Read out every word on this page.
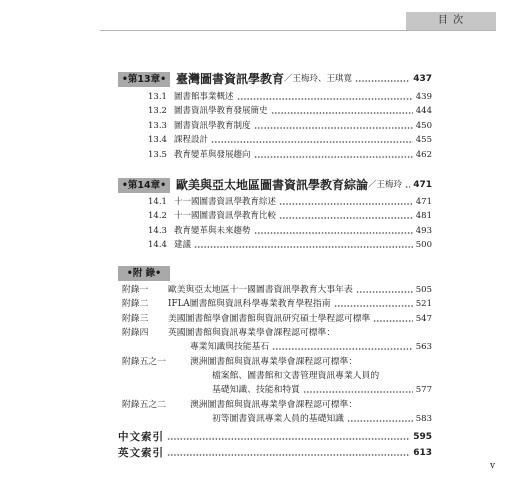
目 次
•第13章• 臺灣圖書資訊學教育 ／王梅玲、王琪寬	437
13.1 圖書館事業概述	439
13.2 圖書資訊學教育發展簡史	444
13.3 圖書資訊學教育制度	450
13.4 課程設計	455
13.5 教育變革與發展趨向	462
•第14章• 歐美與亞太地區圖書資訊學教育綜論 ／王梅玲 471
14.1 十一國圖書資訊學教育綜述	471
14.2 十一國圖書資訊學教育比較	481
14.3 教育變革與未來趨勢	493
14.4 建議	500
•附 錄•
附錄一	歐美與亞太地區十一國圖書資訊學教育大事年表	505
附錄二	IFLA圖書館與資訊科學專業教育學程指南	521
附錄三	美國圖書館學會圖書館與資訊研究碩士學程認可標準	547
附錄四	英國圖書館與資訊專業學會課程認可標準：
專業知識與技能基石	563
附錄五之一	澳洲圖書館與資訊專業學會課程認可標準：
檔案館、圖書館和文書管理資訊專業人員的
基礎知識、技能和特質	577
附錄五之二	澳洲圖書館與資訊專業學會課程認可標準：
初等圖書資訊專業人員的基礎知識	583
中文索引	595
英文索引	613
v
